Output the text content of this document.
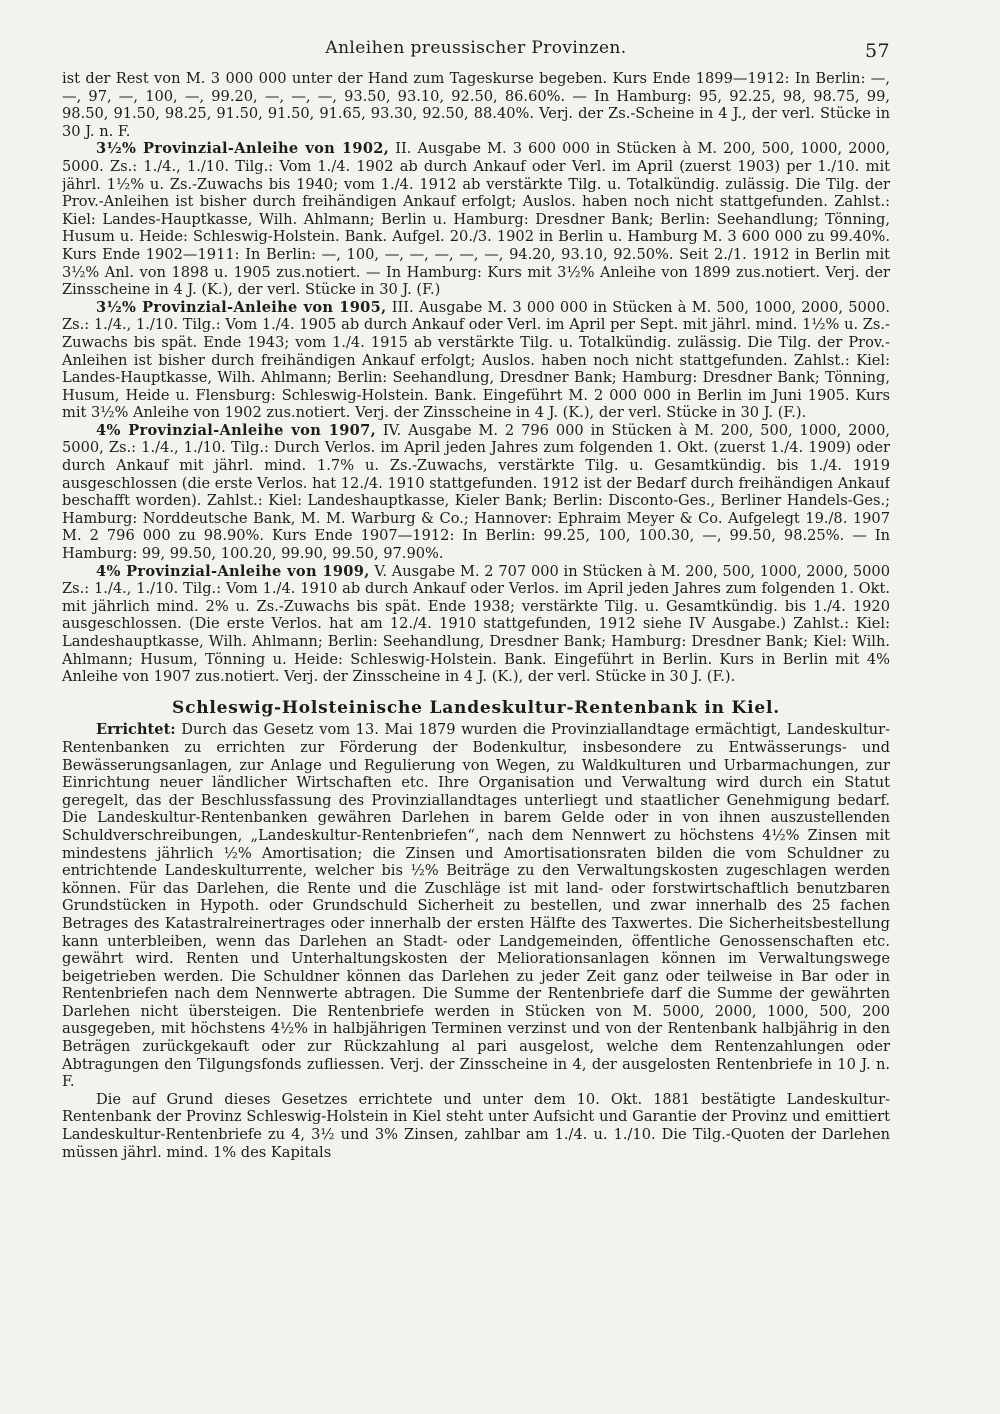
Anleihen preussischer Provinzen.	57

ist der Rest von M. 3 000 000 unter der Hand zum Tageskurse begeben. Kurs Ende 1899—1912: In Berlin: —, —, 97, —, 100, —, 99.20, —, —, —, 93.50, 93.10, 92.50, 86.60%. — In Hamburg: 95, 92.25, 98, 98.75, 99, 98.50, 91.50, 98.25, 91.50, 91.50, 91.65, 93.30, 92.50, 88.40%. Verj. der Zs.-Scheine in 4 J., der verl. Stücke in 30 J. n. F.

3½% Provinzial-Anleihe von 1902, II. Ausgabe M. 3 600 000 in Stücken à M. 200, 500, 1000, 2000, 5000. Zs.: 1./4., 1./10. Tilg.: Vom 1./4. 1902 ab durch Ankauf oder Verl. im April (zuerst 1903) per 1./10. mit jährl. 1½% u. Zs.-Zuwachs bis 1940; vom 1./4. 1912 ab verstärkte Tilg. u. Totalkündig. zulässig. Die Tilg. der Prov.-Anleihen ist bisher durch freihändigen Ankauf erfolgt; Auslos. haben noch nicht stattgefunden. Zahlst.: Kiel: Landes-Hauptkasse, Wilh. Ahlmann; Berlin u. Hamburg: Dresdner Bank; Berlin: Seehandlung; Tönning, Husum u. Heide: Schleswig-Holstein. Bank. Aufgel. 20./3. 1902 in Berlin u. Hamburg M. 3 600 000 zu 99.40%. Kurs Ende 1902—1911: In Berlin: —, 100, —, —, —, —, —, 94.20, 93.10, 92.50%. Seit 2./1. 1912 in Berlin mit 3½% Anl. von 1898 u. 1905 zus.notiert. — In Hamburg: Kurs mit 3½% Anleihe von 1899 zus.notiert. Verj. der Zinsscheine in 4 J. (K.), der verl. Stücke in 30 J. (F.)

3½% Provinzial-Anleihe von 1905, III. Ausgabe M. 3 000 000 in Stücken à M. 500, 1000, 2000, 5000. Zs.: 1./4., 1./10. Tilg.: Vom 1./4. 1905 ab durch Ankauf oder Verl. im April per Sept. mit jährl. mind. 1½% u. Zs.-Zuwachs bis spät. Ende 1943; vom 1./4. 1915 ab verstärkte Tilg. u. Totalkündig. zulässig. Die Tilg. der Prov.-Anleihen ist bisher durch freihändigen Ankauf erfolgt; Auslos. haben noch nicht stattgefunden. Zahlst.: Kiel: Landes-Hauptkasse, Wilh. Ahlmann; Berlin: Seehandlung, Dresdner Bank; Hamburg: Dresdner Bank; Tönning, Husum, Heide u. Flensburg: Schleswig-Holstein. Bank. Eingeführt M. 2 000 000 in Berlin im Juni 1905. Kurs mit 3½% Anleihe von 1902 zus.notiert. Verj. der Zinsscheine in 4 J. (K.), der verl. Stücke in 30 J. (F.).

4% Provinzial-Anleihe von 1907, IV. Ausgabe M. 2 796 000 in Stücken à M. 200, 500, 1000, 2000, 5000, Zs.: 1./4., 1./10. Tilg.: Durch Verlos. im April jeden Jahres zum folgenden 1. Okt. (zuerst 1./4. 1909) oder durch Ankauf mit jährl. mind. 1.7% u. Zs.-Zuwachs, verstärkte Tilg. u. Gesamtkündig. bis 1./4. 1919 ausgeschlossen (die erste Verlos. hat 12./4. 1910 stattgefunden. 1912 ist der Bedarf durch freihändigen Ankauf beschafft worden). Zahlst.: Kiel: Landeshauptkasse, Kieler Bank; Berlin: Disconto-Ges., Berliner Handels-Ges.; Hamburg: Norddeutsche Bank, M. M. Warburg & Co.; Hannover: Ephraim Meyer & Co. Aufgelegt 19./8. 1907 M. 2 796 000 zu 98.90%. Kurs Ende 1907—1912: In Berlin: 99.25, 100, 100.30, —, 99.50, 98.25%. — In Hamburg: 99, 99.50, 100.20, 99.90, 99.50, 97.90%.

4% Provinzial-Anleihe von 1909, V. Ausgabe M. 2 707 000 in Stücken à M. 200, 500, 1000, 2000, 5000 Zs.: 1./4., 1./10. Tilg.: Vom 1./4. 1910 ab durch Ankauf oder Verlos. im April jeden Jahres zum folgenden 1. Okt. mit jährlich mind. 2% u. Zs.-Zuwachs bis spät. Ende 1938; verstärkte Tilg. u. Gesamtkündig. bis 1./4. 1920 ausgeschlossen. (Die erste Verlos. hat am 12./4. 1910 stattgefunden, 1912 siehe IV Ausgabe.) Zahlst.: Kiel: Landeshauptkasse, Wilh. Ahlmann; Berlin: Seehandlung, Dresdner Bank; Hamburg: Dresdner Bank; Kiel: Wilh. Ahlmann; Husum, Tönning u. Heide: Schleswig-Holstein. Bank. Eingeführt in Berlin. Kurs in Berlin mit 4% Anleihe von 1907 zus.notiert. Verj. der Zinsscheine in 4 J. (K.), der verl. Stücke in 30 J. (F.).

Schleswig-Holsteinische Landeskultur-Rentenbank in Kiel.

Errichtet: Durch das Gesetz vom 13. Mai 1879 wurden die Provinziallandtage ermächtigt, Landeskultur-Rentenbanken zu errichten zur Förderung der Bodenkultur, insbesondere zu Entwässerungs- und Bewässerungsanlagen, zur Anlage und Regulierung von Wegen, zu Waldkulturen und Urbarmachungen, zur Einrichtung neuer ländlicher Wirtschaften etc. Ihre Organisation und Verwaltung wird durch ein Statut geregelt, das der Beschlussfassung des Provinziallandtages unterliegt und staatlicher Genehmigung bedarf. Die Landeskultur-Rentenbanken gewähren Darlehen in barem Gelde oder in von ihnen auszustellenden Schuldverschreibungen, „Landeskultur-Rentenbriefen“, nach dem Nennwert zu höchstens 4½% Zinsen mit mindestens jährlich ½% Amortisation; die Zinsen und Amortisationsraten bilden die vom Schuldner zu entrichtende Landeskulturrente, welcher bis ½% Beiträge zu den Verwaltungskosten zugeschlagen werden können. Für das Darlehen, die Rente und die Zuschläge ist mit land- oder forstwirtschaftlich benutzbaren Grundstücken in Hypoth. oder Grundschuld Sicherheit zu bestellen, und zwar innerhalb des 25 fachen Betrages des Katastralreinertrages oder innerhalb der ersten Hälfte des Taxwertes. Die Sicherheitsbestellung kann unterbleiben, wenn das Darlehen an Stadt- oder Landgemeinden, öffentliche Genossenschaften etc. gewährt wird. Renten und Unterhaltungskosten der Meliorationsanlagen können im Verwaltungswege beigetrieben werden. Die Schuldner können das Darlehen zu jeder Zeit ganz oder teilweise in Bar oder in Rentenbriefen nach dem Nennwerte abtragen. Die Summe der Rentenbriefe darf die Summe der gewährten Darlehen nicht übersteigen. Die Rentenbriefe werden in Stücken von M. 5000, 2000, 1000, 500, 200 ausgegeben, mit höchstens 4½% in halbjährigen Terminen verzinst und von der Rentenbank halbjährig in den Beträgen zurückgekauft oder zur Rückzahlung al pari ausgelost, welche dem Rentenzahlungen oder Abtragungen den Tilgungsfonds zufliessen. Verj. der Zinsscheine in 4, der ausgelosten Rentenbriefe in 10 J. n. F.

Die auf Grund dieses Gesetzes errichtete und unter dem 10. Okt. 1881 bestätigte Landeskultur-Rentenbank der Provinz Schleswig-Holstein in Kiel steht unter Aufsicht und Garantie der Provinz und emittiert Landeskultur-Rentenbriefe zu 4, 3½ und 3% Zinsen, zahlbar am 1./4. u. 1./10. Die Tilg.-Quoten der Darlehen müssen jährl. mind. 1% des Kapitals
